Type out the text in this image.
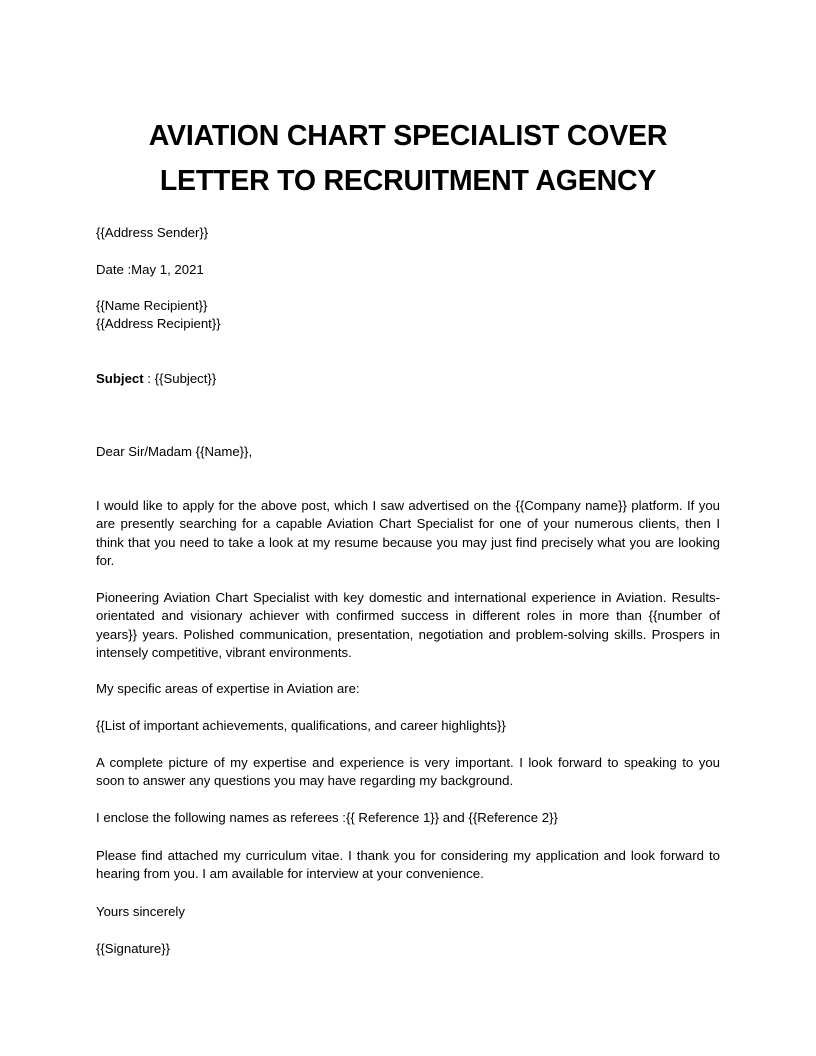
AVIATION CHART SPECIALIST COVER
LETTER TO RECRUITMENT AGENCY

{{Address Sender}}

Date :May 1, 2021

{{Name Recipient}}

{{Address Recipient}}

Subject : {{Subject}}

Dear Sir/Madam {{Name}},

I would like to apply for the above post, which I saw advertised on the {{Company name}} platform. If you are presently searching for a capable Aviation Chart Specialist for one of your numerous clients, then I think that you need to take a look at my resume because you may just find precisely what you are looking for.

Pioneering Aviation Chart Specialist with key domestic and international experience in Aviation. Results-orientated and visionary achiever with confirmed success in different roles in more than {{number of years}} years. Polished communication, presentation, negotiation and problem-solving skills. Prospers in intensely competitive, vibrant environments.

My specific areas of expertise in Aviation are:

{{List of important achievements, qualifications, and career highlights}}

A complete picture of my expertise and experience is very important. I look forward to speaking to you soon to answer any questions you may have regarding my background.

I enclose the following names as referees :{{ Reference 1}} and {{Reference 2}}

Please find attached my curriculum vitae. I thank you for considering my application and look forward to hearing from you. I am available for interview at your convenience.

Yours sincerely

{{Signature}}
